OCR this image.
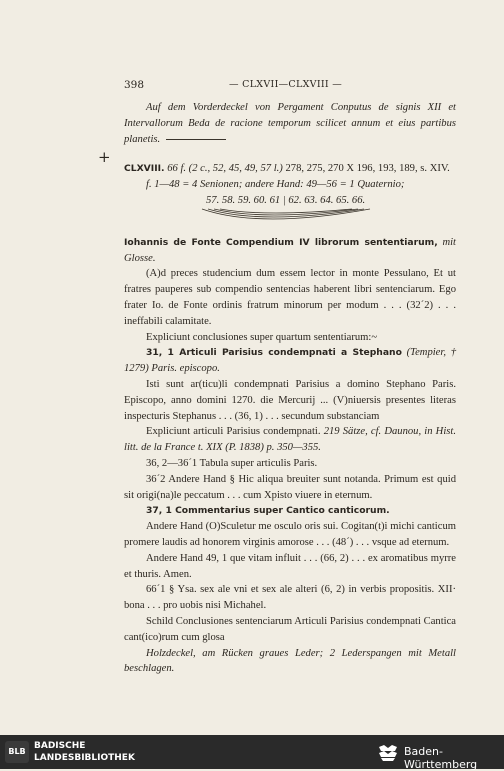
398	— CLXVII—CLXVIII —
+

Auf dem Vorderdeckel von Pergament Conputus de signis XII et Intervallorum Beda de racione temporum scilicet annum et eius partibus planetis.

CLXVIII. 66 f. (2 c., 52, 45, 49, 57 l.) 278, 275, 270 X 196, 193, 189, s. XIV.

f. 1—48 = 4 Senionen; andere Hand: 49—56 = 1 Quaternio;

57. 58. 59. 60. 61 | 62. 63. 64. 65. 66.

Iohannis de Fonte Compendium IV librorum sententiarum, mit Glosse.

(A)d preces studencium dum essem lector in monte Pessulano, Et ut fratres pauperes sub compendio sentencias haberent libri sentenciarum. Ego frater Io. de Fonte ordinis fratrum minorum per modum . . . (32´2) . . . ineffabili calamitate.

Expliciunt conclusiones super quartum sententiarum:~

31, 1 Articuli Parisius condempnati a Stephano (Tempier, † 1279) Paris. episcopo.

Isti sunt ar(ticu)li condempnati Parisius a domino Stephano Paris. Episcopo, anno domini 1270. die Mercurij ... (V)niuersis presentes literas inspecturis Stephanus . . . (36, 1) . . . secundum substanciam

Expliciunt articuli Parisius condempnati. 219 Sätze, cf. Daunou, in Hist. litt. de la France t. XIX (P. 1838) p. 350—355.

36, 2—36´1 Tabula super articulis Paris.

36´2 Andere Hand § Hic aliqua breuiter sunt notanda. Primum est quid sit origi(na)le peccatum . . . cum Xpisto viuere in eternum.

37, 1 Commentarius super Cantico canticorum.

Andere Hand (O)Sculetur me osculo oris sui. Cogitan(t)i michi canticum promere laudis ad honorem virginis amorose . . . (48´) . . . vsque ad eternum.

Andere Hand 49, 1 que vitam influit . . . (66, 2) . . . ex aromatibus myrre et thuris. Amen.

66´1 § Ysa. sex ale vni et sex ale alteri (6, 2) in verbis propositis. XII· bona . . . pro uobis nisi Michahel.

Schild Conclusiones sentenciarum Articuli Parisius condempnati Cantica cant(ico)rum cum glosa

Holzdeckel, am Rücken graues Leder; 2 Lederspangen mit Metall beschlagen.

BLB
BADISCHE
LANDESBIBLIOTHEK	Baden-Württemberg
